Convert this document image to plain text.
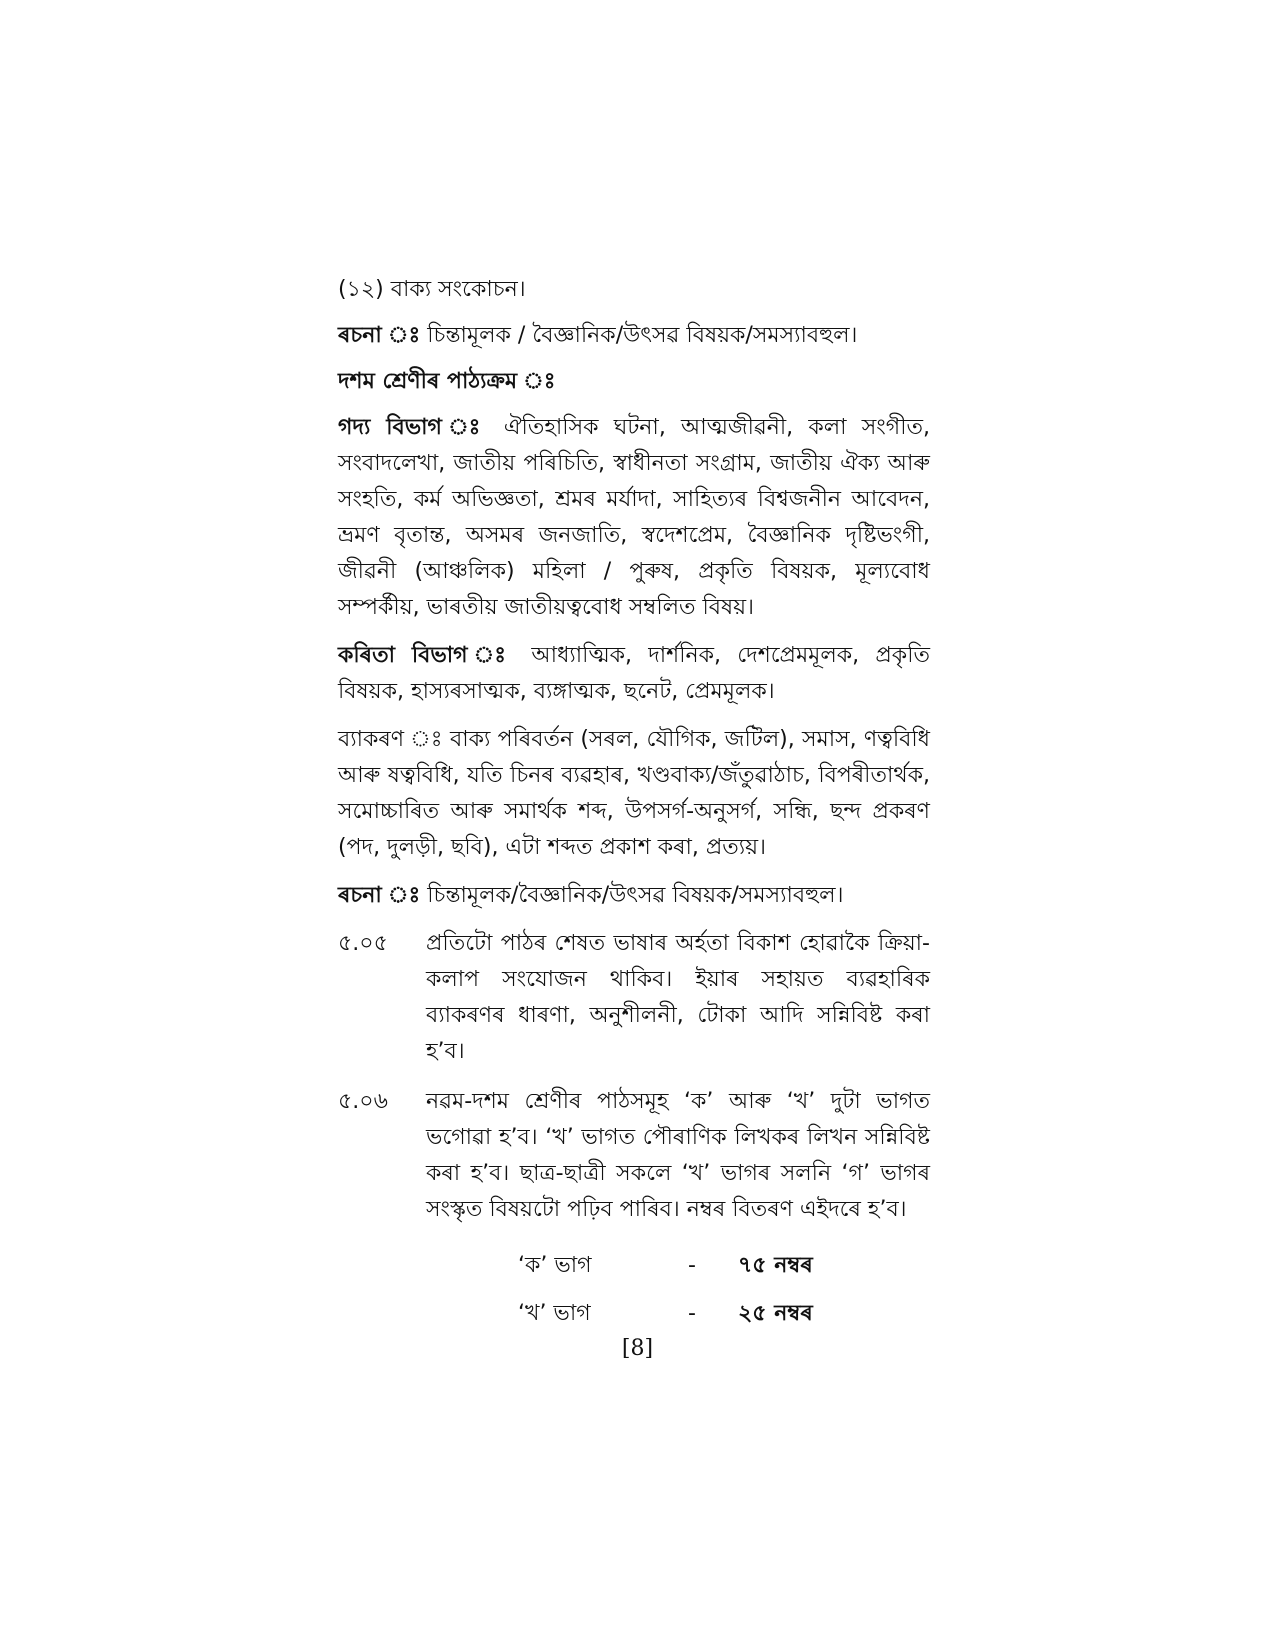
(১২) বাক্য সংকোচন।

ৰচনা ঃ চিন্তামূলক / বৈজ্ঞানিক/উৎসৱ বিষয়ক/সমস্যাবহুল।

দশম শ্ৰেণীৰ পাঠ্যক্ৰম ঃ

গদ্য বিভাগ ঃ ঐতিহাসিক ঘটনা, আত্মজীৱনী, কলা সংগীত, সংবাদলেখা, জাতীয় পৰিচিতি, স্বাধীনতা সংগ্ৰাম, জাতীয় ঐক্য আৰু সংহতি, কৰ্ম অভিজ্ঞতা, শ্ৰমৰ মৰ্যাদা, সাহিত্যৰ বিশ্বজনীন আবেদন, ভ্ৰমণ বৃতান্ত, অসমৰ জনজাতি, স্বদেশপ্ৰেম, বৈজ্ঞানিক দৃষ্টিভংগী, জীৱনী (আঞ্চলিক) মহিলা / পুৰুষ, প্ৰকৃতি বিষয়ক, মূল্যবোধ সম্পৰ্কীয়, ভাৰতীয় জাতীয়ত্ববোধ সম্বলিত বিষয়।

কৰিতা বিভাগ ঃ আধ্যাত্মিক, দাৰ্শনিক, দেশপ্ৰেমমূলক, প্ৰকৃতি বিষয়ক, হাস্যৰসাত্মক, ব্যঙ্গাত্মক, ছনেট, প্ৰেমমূলক।

ব্যাকৰণ ঃ বাক্য পৰিবৰ্তন (সৰল, যৌগিক, জটিল), সমাস, ণত্ববিধি আৰু ষত্ববিধি, যতি চিনৰ ব্যৱহাৰ, খণ্ডবাক্য/জঁতুৱাঠাচ, বিপৰীতাৰ্থক, সমোচ্চাৰিত আৰু সমাৰ্থক শব্দ, উপসৰ্গ-অনুসৰ্গ, সন্ধি, ছন্দ প্ৰকৰণ (পদ, দুলড়ী, ছবি), এটা শব্দত প্ৰকাশ কৰা, প্ৰত্যয়।

ৰচনা ঃ চিন্তামূলক/বৈজ্ঞানিক/উৎসৱ বিষয়ক/সমস্যাবহুল।

৫.০৫	প্ৰতিটো পাঠৰ শেষত ভাষাৰ অৰ্হতা বিকাশ হোৱাকৈ ক্ৰিয়া-কলাপ সংযোজন থাকিব। ইয়াৰ সহায়ত ব্যৱহাৰিক ব্যাকৰণৰ ধাৰণা, অনুশীলনী, টোকা আদি সন্নিবিষ্ট কৰা হ’ব।
৫.০৬	নৱম-দশম শ্ৰেণীৰ পাঠসমূহ ‘ক’ আৰু ‘খ’ দুটা ভাগত ভগোৱা হ’ব। ‘খ’ ভাগত পৌৰাণিক লিখকৰ লিখন সন্নিবিষ্ট কৰা হ’ব। ছাত্ৰ-ছাত্ৰী সকলে ‘খ’ ভাগৰ সলনি ‘গ’ ভাগৰ সংস্কৃত বিষয়টো পঢ়িব পাৰিব। নম্বৰ বিতৰণ এইদৰে হ’ব।
‘ক’ ভাগ	-	৭৫ নম্বৰ
‘খ’ ভাগ	-	২৫ নম্বৰ
[8]
